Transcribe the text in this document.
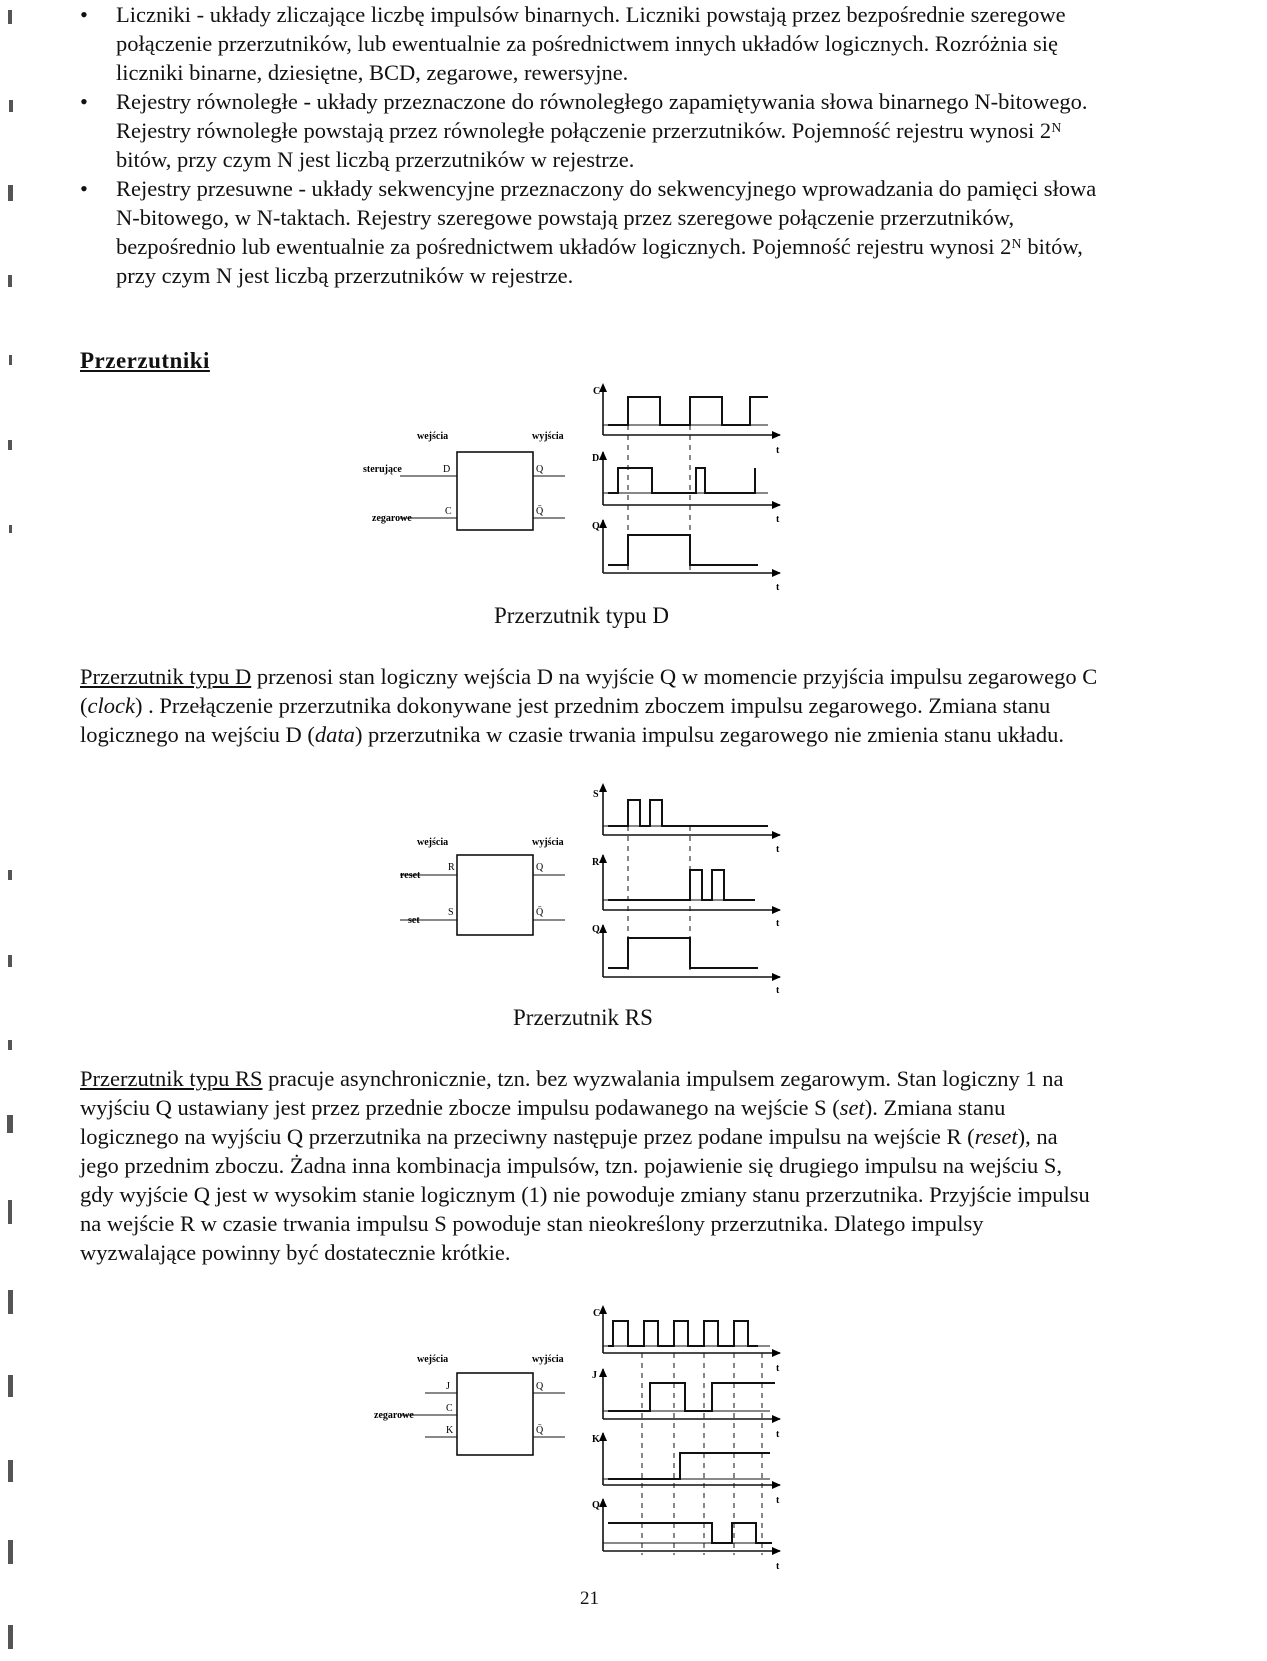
• Liczniki - układy zliczające liczbę impulsów binarnych. Liczniki powstają przez bezpośrednie szeregowe połączenie przerzutników, lub ewentualnie za pośrednictwem innych układów logicznych. Rozróżnia się liczniki binarne, dziesiętne, BCD, zegarowe, rewersyjne.
• Rejestry równoległe - układy przeznaczone do równoległego zapamiętywania słowa binarnego N-bitowego. Rejestry równoległe powstają przez równoległe połączenie przerzutników. Pojemność rejestru wynosi 2ᴺ bitów, przy czym N jest liczbą przerzutników w rejestrze.
• Rejestry przesuwne - układy sekwencyjne przeznaczony do sekwencyjnego wprowadzania do pamięci słowa N-bitowego, w N-taktach. Rejestry szeregowe powstają przez szeregowe połączenie przerzutników, bezpośrednio lub ewentualnie za pośrednictwem układów logicznych. Pojemność rejestru wynosi 2ᴺ bitów, przy czym N jest liczbą przerzutników w rejestrze.
Przerzutniki
wejścia	wyjścia
sterujące
zegarowe
D
C
Q
Q̄
C
D
Q
t
t
t
Przerzutnik typu D

Przerzutnik typu D przenosi stan logiczny wejścia D na wyjście Q w momencie przyjścia impulsu zegarowego C (clock) . Przełączenie przerzutnika dokonywane jest przednim zboczem impulsu zegarowego. Zmiana stanu logicznego na wejściu D (data) przerzutnika w czasie trwania impulsu zegarowego nie zmienia stanu układu.

wejścia	wyjścia
reset
set
R
S
Q
Q̄
S
R
Q
t
t
t
Przerzutnik RS

Przerzutnik typu RS pracuje asynchronicznie, tzn. bez wyzwalania impulsem zegarowym. Stan logiczny 1 na wyjściu Q ustawiany jest przez przednie zbocze impulsu podawanego na wejście S (set). Zmiana stanu logicznego na wyjściu Q przerzutnika na przeciwny następuje przez podane impulsu na wejście R (reset), na jego przednim zboczu. Żadna inna kombinacja impulsów, tzn. pojawienie się drugiego impulsu na wejściu S, gdy wyjście Q jest w wysokim stanie logicznym (1) nie powoduje zmiany stanu przerzutnika. Przyjście impulsu na wejście R w czasie trwania impulsu S powoduje stan nieokreślony przerzutnika. Dlatego impulsy wyzwalające powinny być dostatecznie krótkie.

wejścia	wyjścia
zegarowe
J
C
K
Q
Q̄
C
J
K
Q
t
t
t
t
21
